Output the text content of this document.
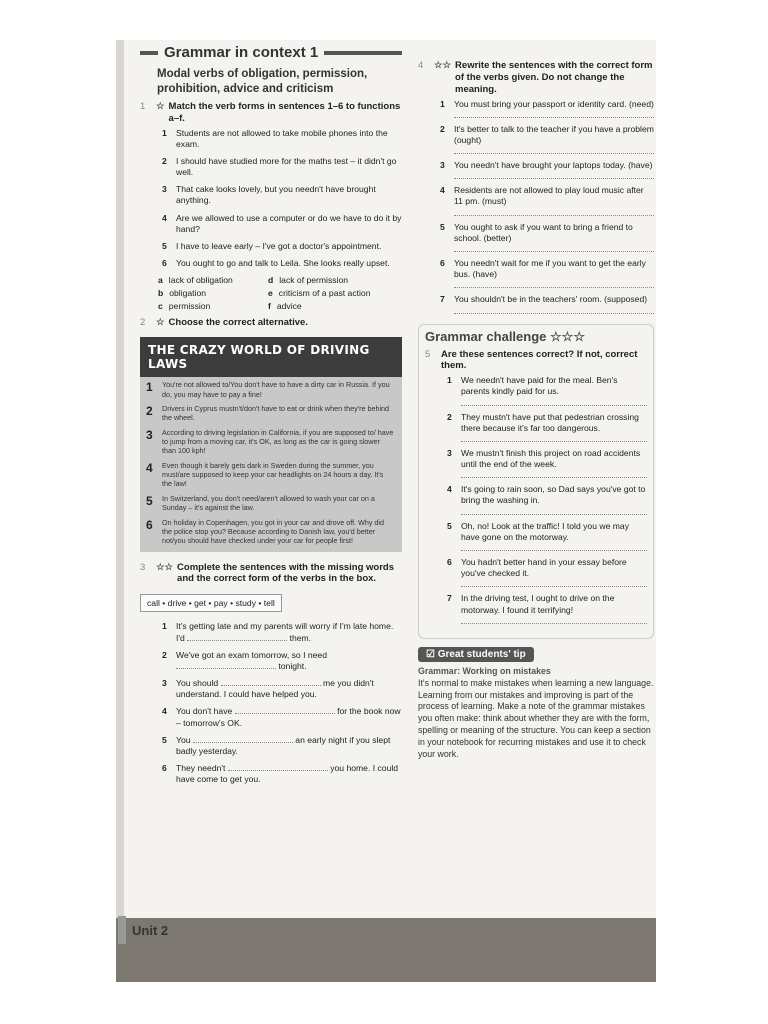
Grammar in context 1
Modal verbs of obligation, permission, prohibition, advice and criticism
1	☆ Match the verb forms in sentences 1–6 to functions a–f.
1	Students are not allowed to take mobile phones into the exam.
2	I should have studied more for the maths test – it didn't go well.
3	That cake looks lovely, but you needn't have brought anything.
4	Are we allowed to use a computer or do we have to do it by hand?
5	I have to leave early – I've got a doctor's appointment.
6	You ought to go and talk to Leila. She looks really upset.
a lack of obligation	d lack of permission
b obligation	e criticism of a past action
c permission	f advice
2	☆ Choose the correct alternative.
THE CRAZY WORLD OF DRIVING LAWS
1	You're not allowed to/You don't have to have a dirty car in Russia. If you do, you may have to pay a fine!
2	Drivers in Cyprus mustn't/don't have to eat or drink when they're behind the wheel.
3	According to driving legislation in California, if you are supposed to/ have to jump from a moving car, it's OK, as long as the car is going slower than 100 kph!
4	Even though it barely gets dark in Sweden during the summer, you must/are supposed to keep your car headlights on 24 hours a day. It's the law!
5	In Switzerland, you don't need/aren't allowed to wash your car on a Sunday – it's against the law.
6	On holiday in Copenhagen, you got in your car and drove off. Why did the police stop you? Because according to Danish law, you'd better not/you should have checked under your car for people first!
3	☆☆ Complete the sentences with the missing words and the correct form of the verbs in the box.
call • drive • get • pay • study • tell
1	It's getting late and my parents will worry if I'm late home. I'd	them.
2	We've got an exam tomorrow, so I need  tonight.
3	You should	me you didn't understand. I could have helped you.
4	You don't have	for the book now – tomorrow's OK.
5	You	an early night if you slept badly yesterday.
6	They needn't	you home. I could have come to get you.
4	☆☆ Rewrite the sentences with the correct form of the verbs given. Do not change the meaning.
1	You must bring your passport or identity card. (need)
2	It's better to talk to the teacher if you have a problem (ought)
3	You needn't have brought your laptops today. (have)
4	Residents are not allowed to play loud music after 11 pm. (must)
5	You ought to ask if you want to bring a friend to school. (better)
6	You needn't wait for me if you want to get the early bus. (have)
7	You shouldn't be in the teachers' room. (supposed)
Grammar challenge ☆☆☆
5	Are these sentences correct? If not, correct them.
1	We needn't have paid for the meal. Ben's parents kindly paid for us.
2	They mustn't have put that pedestrian crossing there because it's far too dangerous.
3	We mustn't finish this project on road accidents until the end of the week.
4	It's going to rain soon, so Dad says you've got to bring the washing in.
5	Oh, no! Look at the traffic! I told you we may have gone on the motorway.
6	You hadn't better hand in your essay before you've checked it.
7	In the driving test, I ought to drive on the motorway. I found it terrifying!
☑ Great students' tip
Grammar: Working on mistakes
It's normal to make mistakes when learning a new language. Learning from our mistakes and improving is part of the process of learning. Make a note of the grammar mistakes you often make: think about whether they are with the form, spelling or meaning of the structure. You can keep a section in your notebook for recurring mistakes and use it to check your work.
Unit 2
